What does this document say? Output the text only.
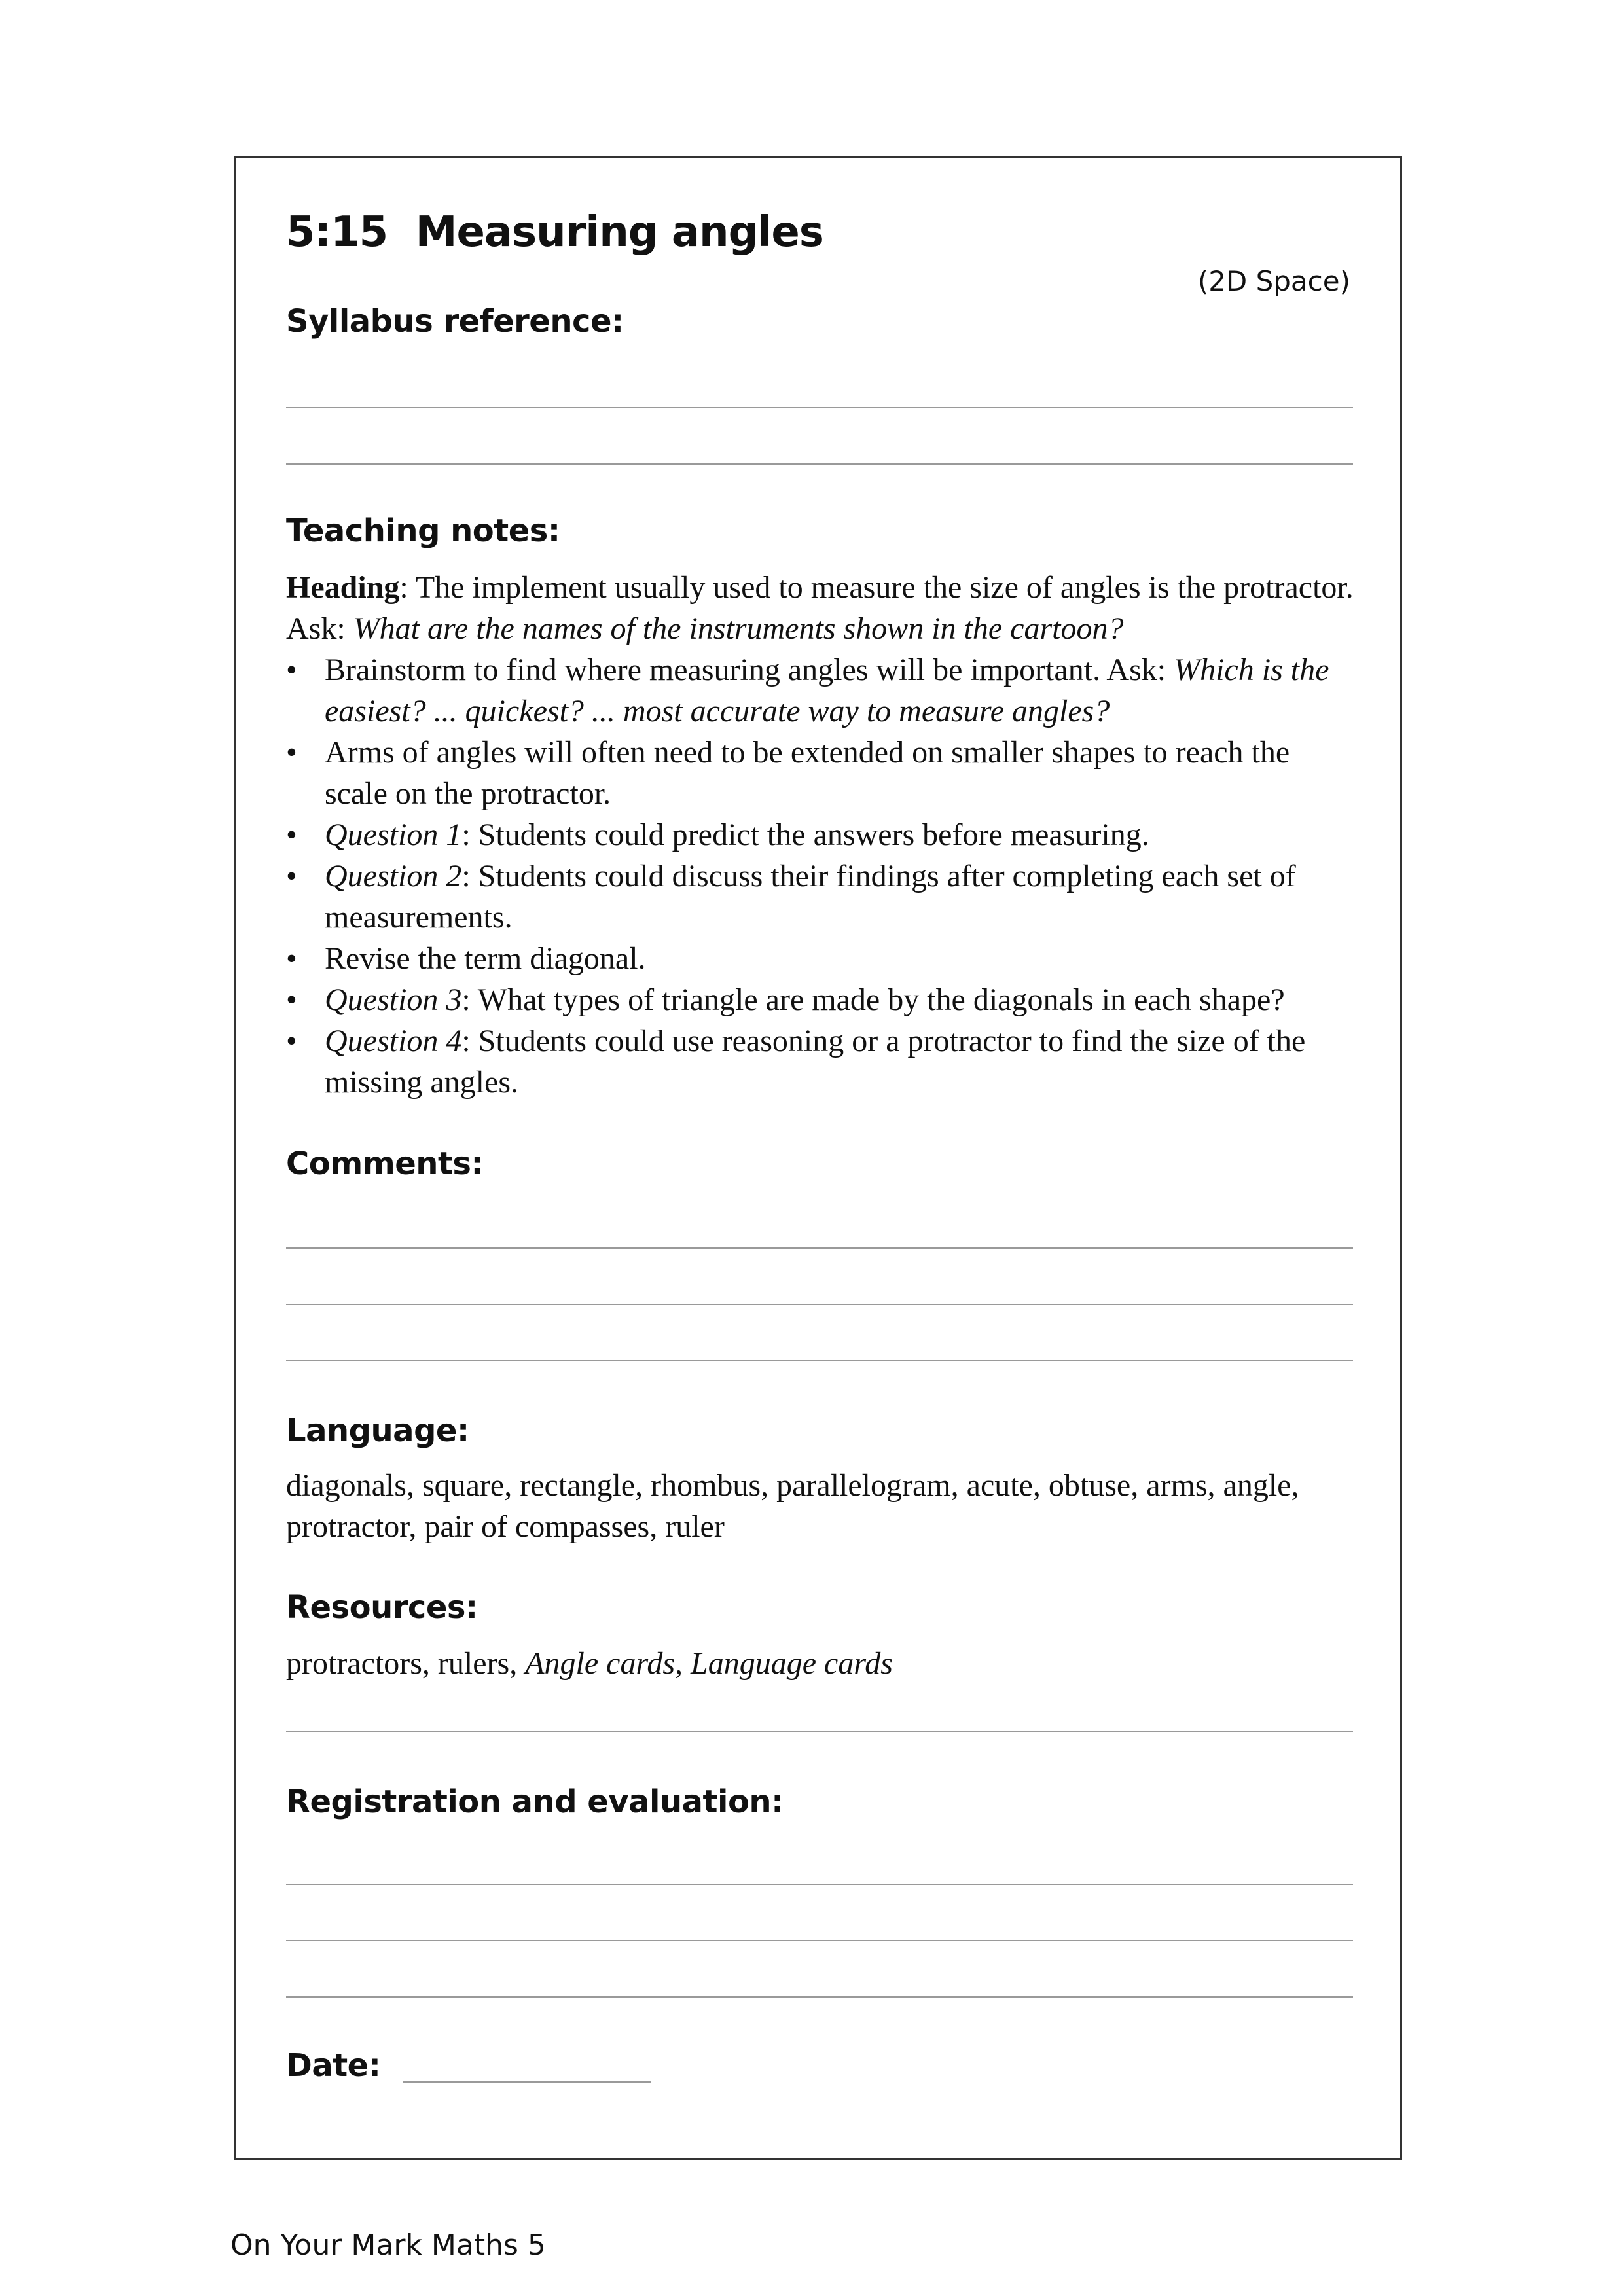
5:15  Measuring angles
(2D Space)
Syllabus reference:
Teaching notes:

Heading: The implement usually used to measure the size of angles is the protractor. Ask: What are the names of the instruments shown in the cartoon?

• Brainstorm to find where measuring angles will be important. Ask: Which is the easiest? ... quickest? ... most accurate way to measure angles?
• Arms of angles will often need to be extended on smaller shapes to reach the scale on the protractor.
• Question 1: Students could predict the answers before measuring.
• Question 2: Students could discuss their findings after completing each set of measurements.
• Revise the term diagonal.
• Question 3: What types of triangle are made by the diagonals in each shape?
• Question 4: Students could use reasoning or a protractor to find the size of the missing angles.
Comments:
Language:
diagonals, square, rectangle, rhombus, parallelogram, acute, obtuse, arms, angle, protractor, pair of compasses, ruler
Resources:
protractors, rulers, Angle cards, Language cards
Registration and evaluation:
Date:
On Your Mark Maths 5
